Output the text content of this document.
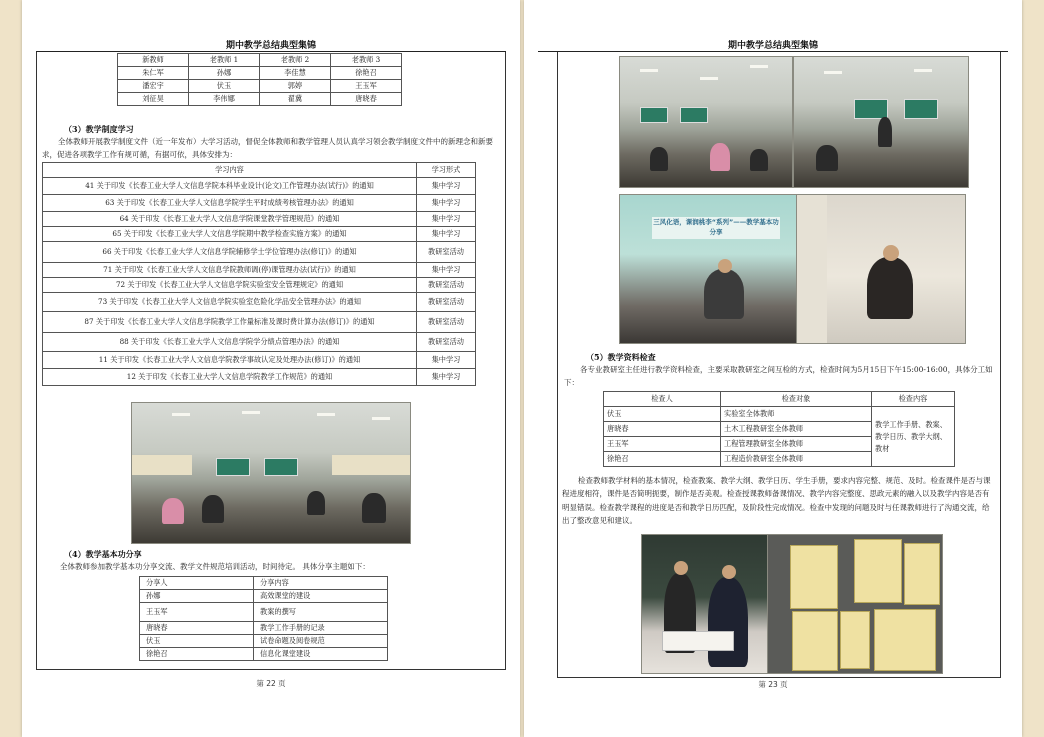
期中教学总结典型集锦
新教师	老教师 1	老教师 2	老教师 3
朱仁军	孙娜	李佳慧	徐艳召
潘宏宇	伏玉	郭婷	王玉军
刘征昊	李伟娜	翟冀	唐晓春
（3）教学制度学习
全体教师开展教学制度文件（近一年发布）大学习活动，督促全体教师和教学管理人员认真学习领会教学制度文件中的新理念和新要求，促进各项教学工作有规可循，有据可依，具体安排为：
学习内容	学习形式
41 关于印发《长春工业大学人文信息学院本科毕业设计(论文)工作管理办法(试行)》的通知	集中学习
63 关于印发《长春工业大学人文信息学院学生平时成绩考核管理办法》的通知	集中学习
64 关于印发《长春工业大学人文信息学院课堂教学管理规范》的通知	集中学习
65 关于印发《长春工业大学人文信息学院期中教学检查实施方案》的通知	集中学习
66 关于印发《长春工业大学人文信息学院辅修学士学位管理办法(修订)》的通知	教研室活动
71 关于印发《长春工业大学人文信息学院教师调(停)课管理办法(试行)》的通知	集中学习
72 关于印发《长春工业大学人文信息学院实验室安全管理规定》的通知	教研室活动
73 关于印发《长春工业大学人文信息学院实验室危险化学品安全管理办法》的通知	教研室活动
87 关于印发《长春工业大学人文信息学院教学工作量标准及课时费计算办法(修订)》的通知	教研室活动
88 关于印发《长春工业大学人文信息学院学分绩点管理办法》的通知	教研室活动
11 关于印发《长春工业大学人文信息学院教学事故认定及处理办法(修订)》的通知	集中学习
12 关于印发《长春工业大学人文信息学院教学工作规范》的通知	集中学习
（4）教学基本功分享
全体教师参加教学基本功分享交流、教学文件规范培训活动，时间待定。 具体分享主题如下：
分享人	分享内容
孙娜	高效课堂的建设
王玉军	教案的撰写
唐晓春	教学工作手册的记录
伏玉	试卷命题及阅卷规范
徐艳召	信息化课堂建设
第 22 页
期中教学总结典型集锦
三风化语，课润桃李“系列”——教学基本功分享
（5）教学资料检查
各专业教研室主任进行教学资料检查，主要采取教研室之间互检的方式，检查时间为5月15日下午15:00-16:00，具体分工如下：
检查人	检查对象	检查内容
伏玉	实验室全体教师	教学工作手册、教案、教学日历、教学大纲、教材
唐晓春	土木工程教研室全体教师	
王玉军	工程管理教研室全体教师	
徐艳召	工程造价教研室全体教师	
检查教师教学材料的基本情况，检查教案、教学大纲、教学日历、学生手册，要求内容完整、规范、及时。检查课件是否与课程进度相符，课件是否简明扼要，制作是否美观。检查授课教师备课情况、教学内容完整度、思政元素的融入以及教学内容是否有明显错误。检查教学课程的进度是否和教学日历匹配，及阶段性完成情况。检查中发现的问题及时与任课教师进行了沟通交流，给出了整改意见和建议。
第 23 页
